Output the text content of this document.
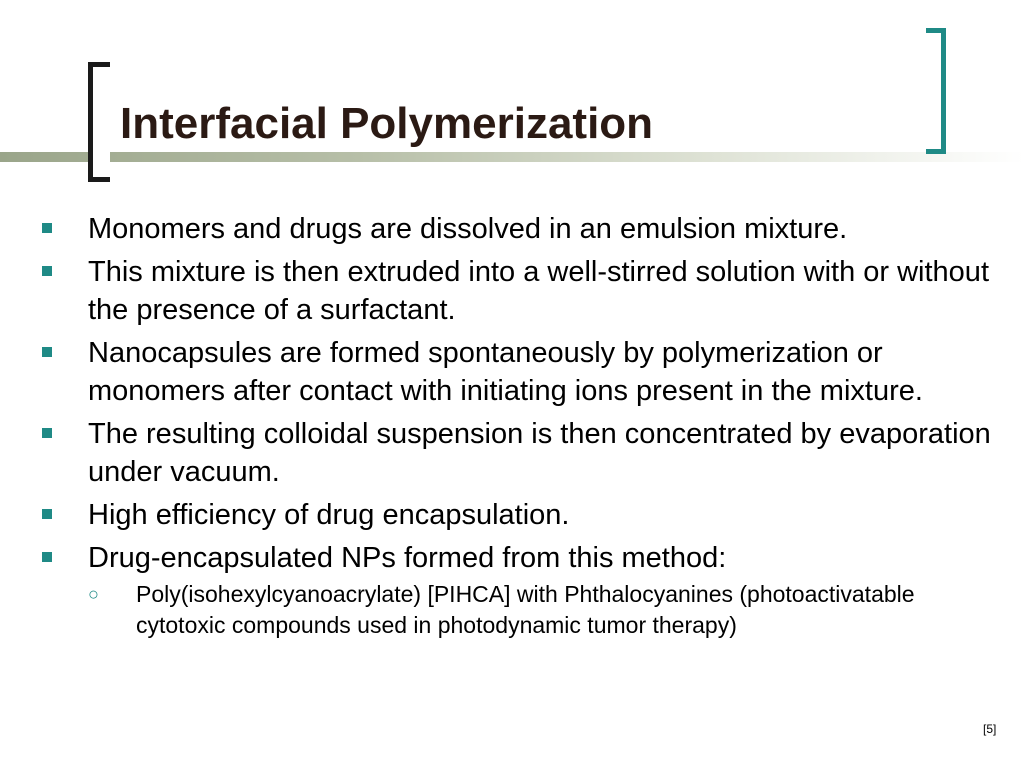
Interfacial Polymerization
Monomers and drugs are dissolved in an emulsion mixture.
This mixture is then extruded into a well-stirred solution with or without the presence of a surfactant.
Nanocapsules are formed spontaneously by polymerization or monomers after contact with initiating ions present in the mixture.
The resulting colloidal suspension is then concentrated by evaporation under vacuum.
High efficiency of drug encapsulation.
Drug-encapsulated NPs formed from this method:
○ Poly(isohexylcyanoacrylate) [PIHCA] with Phthalocyanines (photoactivatable cytotoxic compounds used in photodynamic tumor therapy)
[5]
